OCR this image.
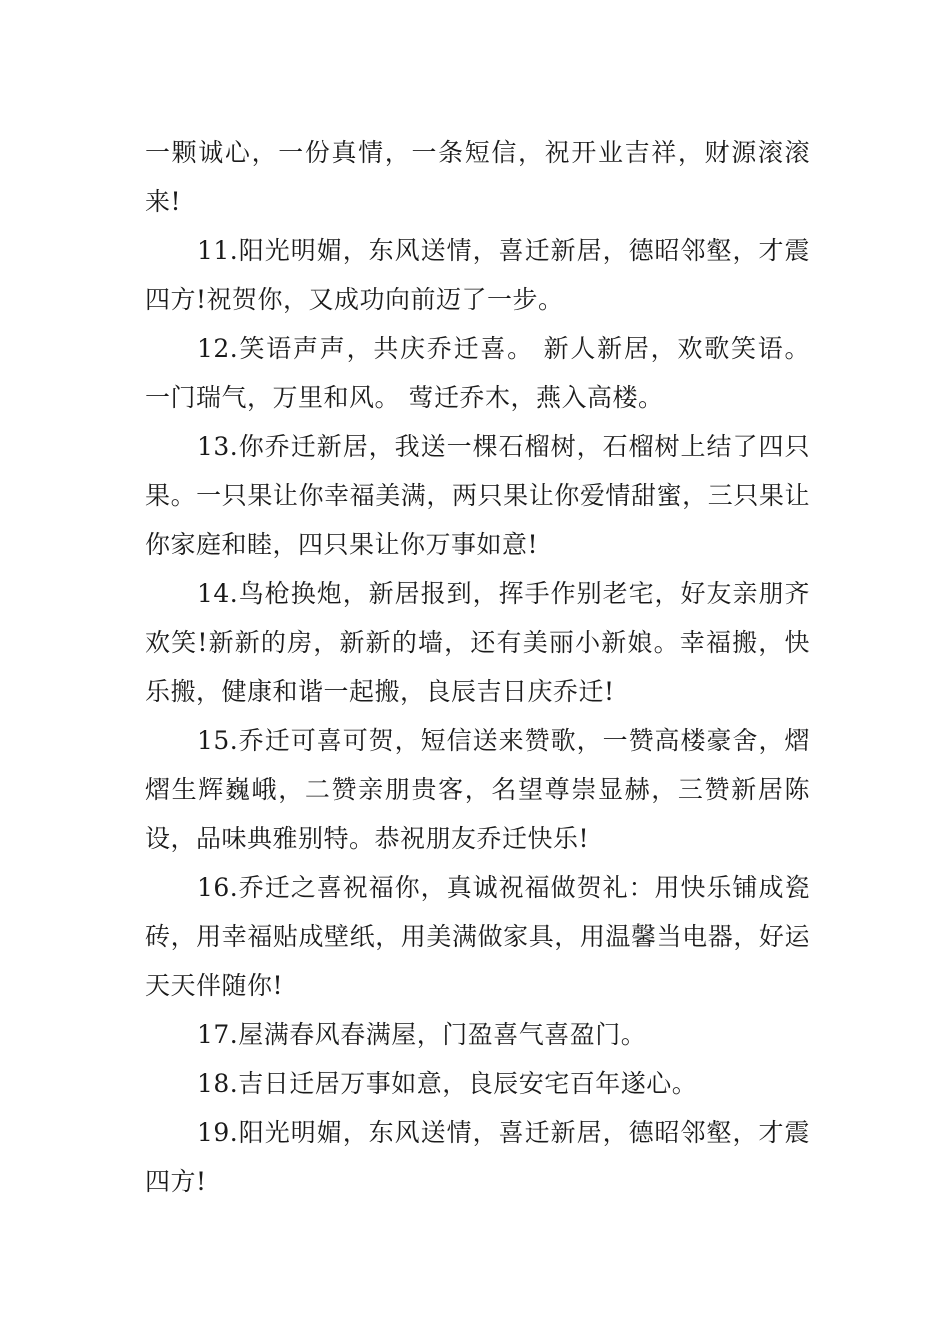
一颗诚心，一份真情，一条短信，祝开业吉祥，财源滚滚来!

11.阳光明媚，东风送情，喜迁新居，德昭邻壑，才震四方!祝贺你，又成功向前迈了一步。

12.笑语声声，共庆乔迁喜。 新人新居，欢歌笑语。 一门瑞气，万里和风。 莺迁乔木，燕入高楼。

13.你乔迁新居，我送一棵石榴树，石榴树上结了四只果。一只果让你幸福美满，两只果让你爱情甜蜜，三只果让你家庭和睦，四只果让你万事如意!

14.鸟枪换炮，新居报到，挥手作别老宅，好友亲朋齐欢笑!新新的房，新新的墙，还有美丽小新娘。幸福搬，快乐搬，健康和谐一起搬，良辰吉日庆乔迁!

15.乔迁可喜可贺，短信送来赞歌，一赞高楼豪舍，熠熠生辉巍峨，二赞亲朋贵客，名望尊崇显赫，三赞新居陈设，品味典雅别特。恭祝朋友乔迁快乐!

16.乔迁之喜祝福你，真诚祝福做贺礼：用快乐铺成瓷砖，用幸福贴成壁纸，用美满做家具，用温馨当电器，好运天天伴随你!

17.屋满春风春满屋，门盈喜气喜盈门。

18.吉日迁居万事如意，良辰安宅百年遂心。

19.阳光明媚，东风送情，喜迁新居，德昭邻壑，才震四方!
